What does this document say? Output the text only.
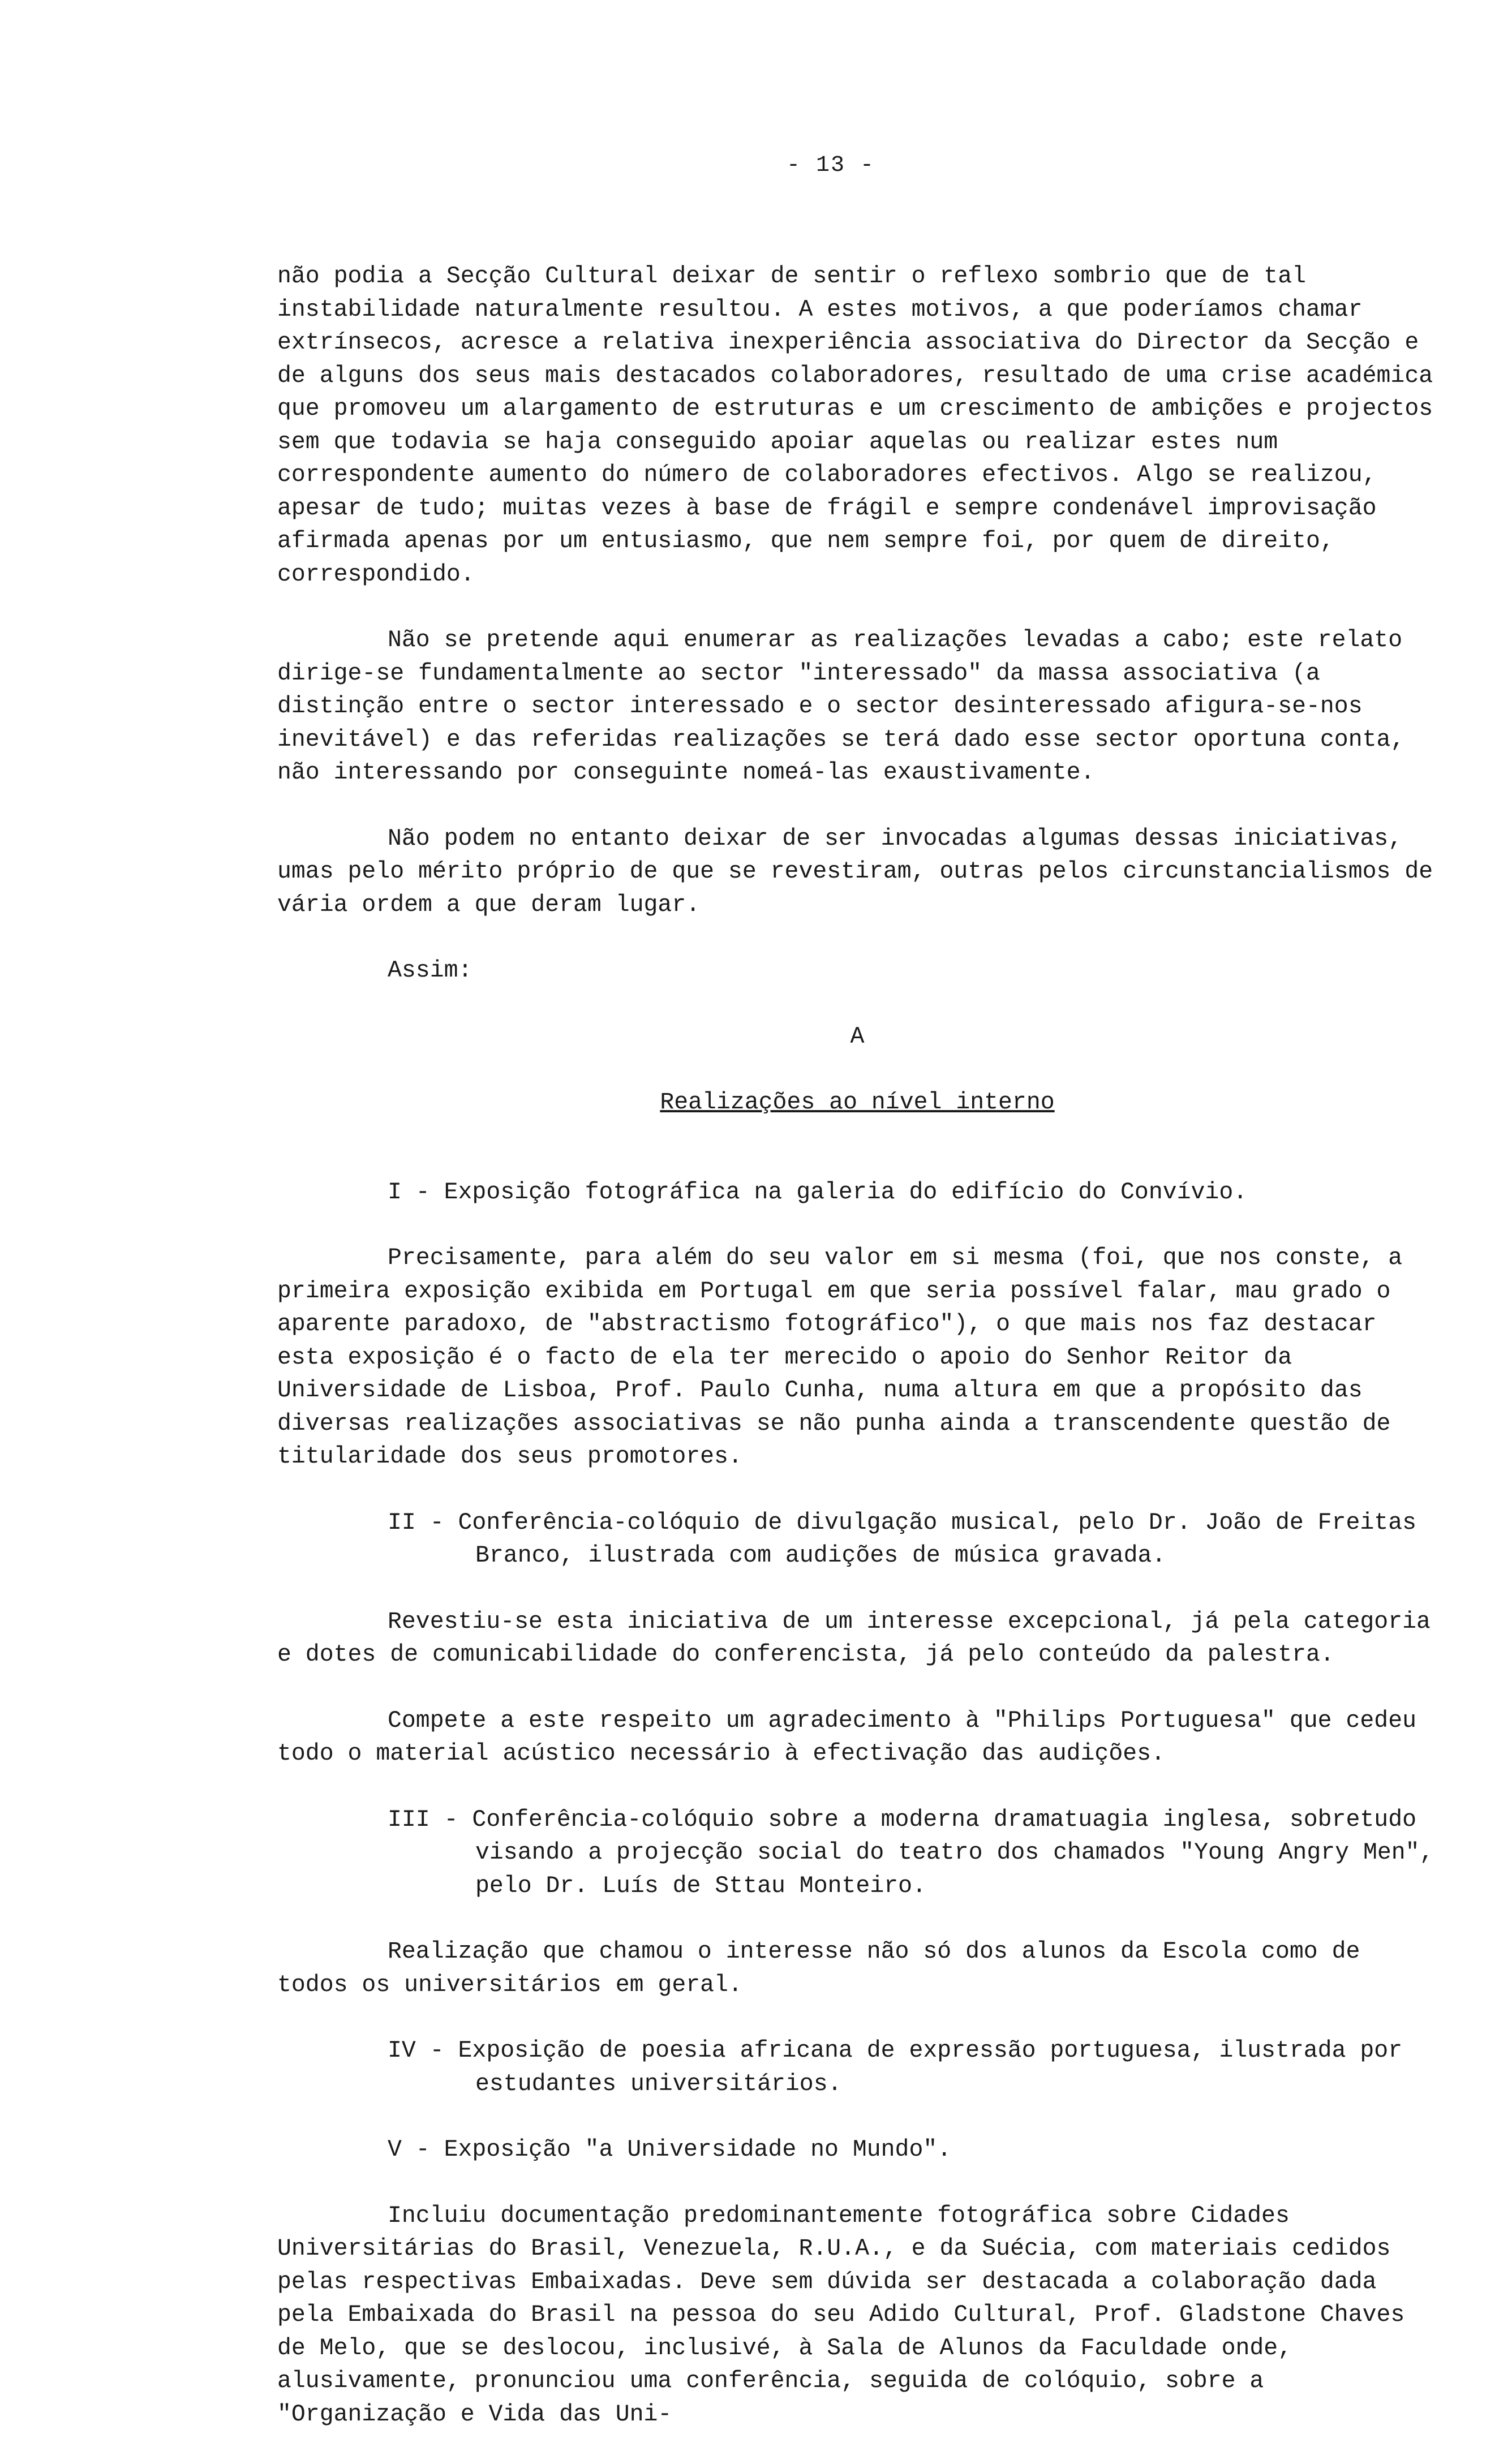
- 13 -

não podia a Secção Cultural deixar de sentir o reflexo sombrio que de tal instabilidade naturalmente resultou. A estes motivos, a que poderíamos chamar extrínsecos, acresce a relativa inexperiência associativa do Director da Secção e de alguns dos seus mais destacados colaboradores, resultado de uma crise académica que promoveu um alargamento de estruturas e um crescimento de ambições e projectos sem que todavia se haja conseguido apoiar aquelas ou realizar estes num correspondente aumento do número de colaboradores efectivos. Algo se realizou, apesar de tudo; muitas vezes à base de frágil e sempre condenável improvisação afirmada apenas por um entusiasmo, que nem sempre foi, por quem de direito, correspondido.

Não se pretende aqui enumerar as realizações levadas a cabo; este relato dirige-se fundamentalmente ao sector "interessado" da massa associativa (a distinção entre o sector interessado e o sector desinteressado afigura-se-nos inevitável) e das referidas realizações se terá dado esse sector oportuna conta, não interessando por conseguinte nomeá-las exaustivamente.

Não podem no entanto deixar de ser invocadas algumas dessas iniciativas, umas pelo mérito próprio de que se revestiram, outras pelos circunstancialismos de vária ordem a que deram lugar.

Assim:

A

Realizações ao nível interno

I - Exposição fotográfica na galeria do edifício do Convívio.

Precisamente, para além do seu valor em si mesma (foi, que nos conste, a primeira exposição exibida em Portugal em que seria possível falar, mau grado o aparente paradoxo, de "abstractismo fotográfico"), o que mais nos faz destacar esta exposição é o facto de ela ter merecido o apoio do Senhor Reitor da Universidade de Lisboa, Prof. Paulo Cunha, numa altura em que a propósito das diversas realizações associativas se não punha ainda a transcendente questão de titularidade dos seus promotores.

II - Conferência-colóquio de divulgação musical, pelo Dr. João de Freitas Branco, ilustrada com audições de música gravada.

Revestiu-se esta iniciativa de um interesse excepcional, já pela categoria e dotes de comunicabilidade do conferencista, já pelo conteúdo da palestra.

Compete a este respeito um agradecimento à "Philips Portuguesa" que cedeu todo o material acústico necessário à efectivação das audições.

III - Conferência-colóquio sobre a moderna dramatuagia inglesa, sobretudo visando a projecção social do teatro dos chamados "Young Angry Men", pelo Dr. Luís de Sttau Monteiro.

Realização que chamou o interesse não só dos alunos da Escola como de todos os universitários em geral.

IV - Exposição de poesia africana de expressão portuguesa, ilustrada por estudantes universitários.
V - Exposição "a Universidade no Mundo".

Incluiu documentação predominantemente fotográfica sobre Cidades Universitárias do Brasil, Venezuela, R.U.A., e da Suécia, com materiais cedidos pelas respectivas Embaixadas. Deve sem dúvida ser destacada a colaboração dada pela Embaixada do Brasil na pessoa do seu Adido Cultural, Prof. Gladstone Chaves de Melo, que se deslocou, inclusivé, à Sala de Alunos da Faculdade onde, alusivamente, pronunciou uma conferência, seguida de colóquio, sobre a "Organização e Vida das Uni-
